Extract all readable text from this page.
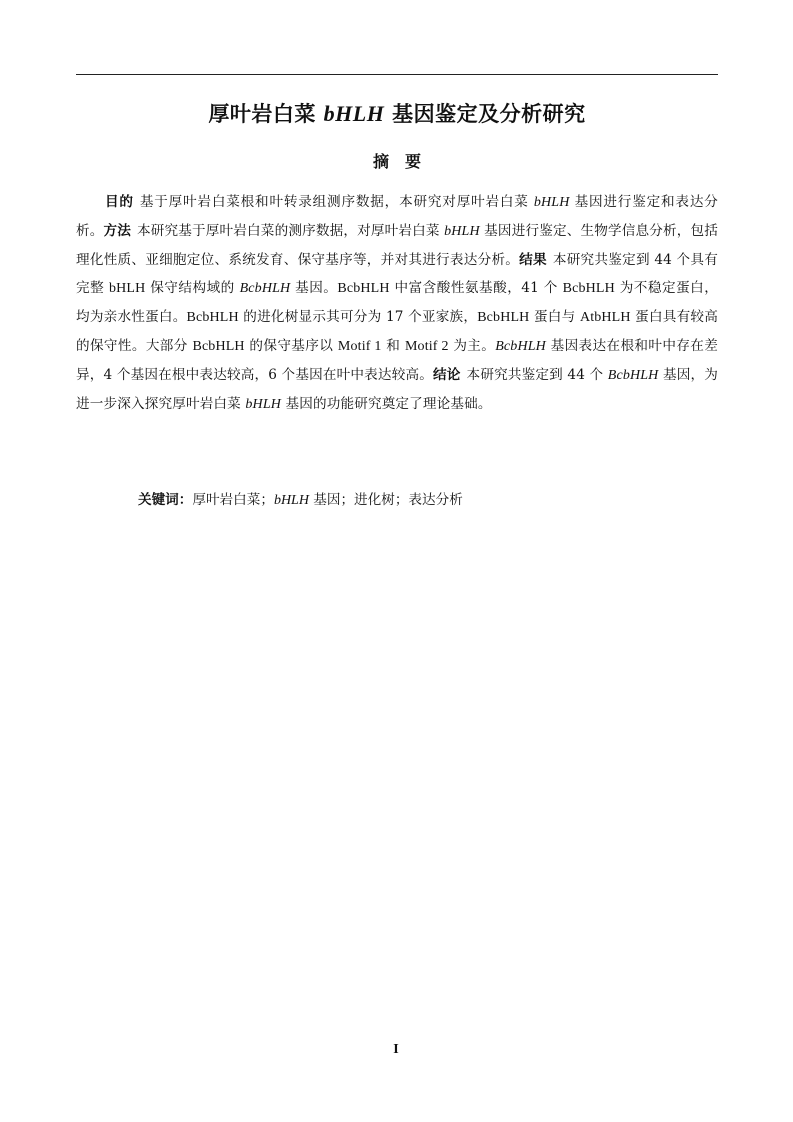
厚叶岩白菜 bHLH 基因鉴定及分析研究
摘要

目的 基于厚叶岩白菜根和叶转录组测序数据，本研究对厚叶岩白菜 bHLH 基因进行鉴定和表达分析。方法 本研究基于厚叶岩白菜的测序数据，对厚叶岩白菜 bHLH 基因进行鉴定、生物学信息分析，包括理化性质、亚细胞定位、系统发育、保守基序等，并对其进行表达分析。结果 本研究共鉴定到 44 个具有完整 bHLH 保守结构域的 BcbHLH 基因。BcbHLH 中富含酸性氨基酸，41 个 BcbHLH 为不稳定蛋白，均为亲水性蛋白。BcbHLH 的进化树显示其可分为 17 个亚家族，BcbHLH 蛋白与 AtbHLH 蛋白具有较高的保守性。大部分 BcbHLH 的保守基序以 Motif 1 和 Motif 2 为主。BcbHLH 基因表达在根和叶中存在差异，4 个基因在根中表达较高，6 个基因在叶中表达较高。结论 本研究共鉴定到 44 个 BcbHLH 基因，为进一步深入探究厚叶岩白菜 bHLH 基因的功能研究奠定了理论基础。

关键词：厚叶岩白菜；bHLH 基因；进化树；表达分析
I
